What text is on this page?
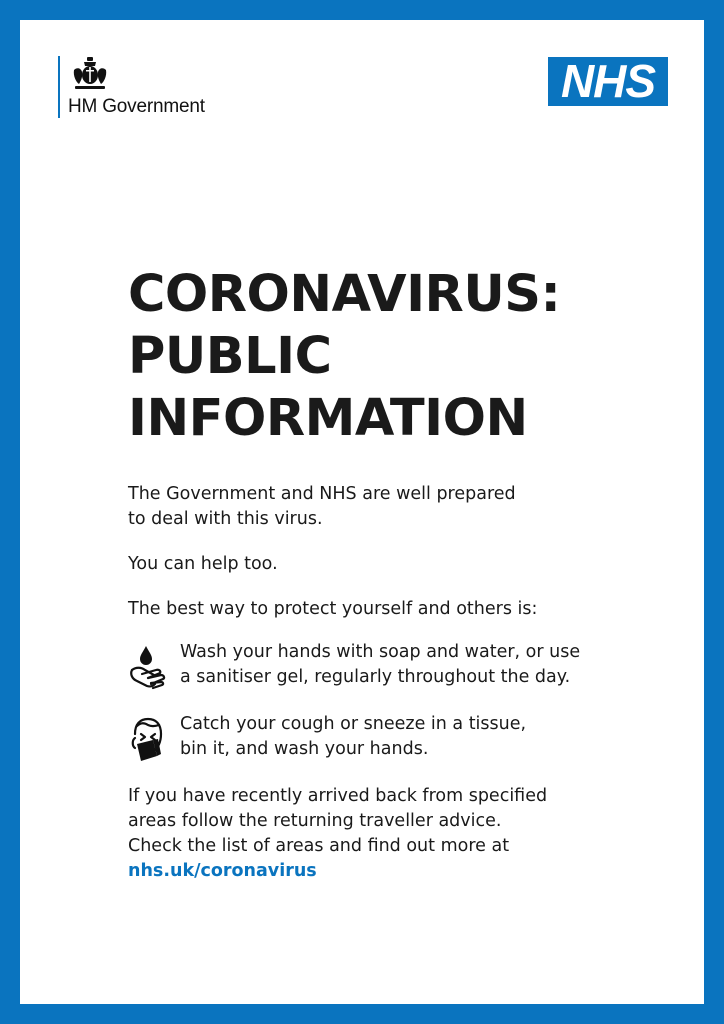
HM Government	NHS
CORONAVIRUS:
PUBLIC
INFORMATION

The Government and NHS are well prepared
to deal with this virus.

You can help too.

The best way to protect yourself and others is:

Wash your hands with soap and water, or use
a sanitiser gel, regularly throughout the day.
Catch your cough or sneeze in a tissue,
bin it, and wash your hands.

If you have recently arrived back from specified
areas follow the returning traveller advice.
Check the list of areas and find out more at

nhs.uk/coronavirus
